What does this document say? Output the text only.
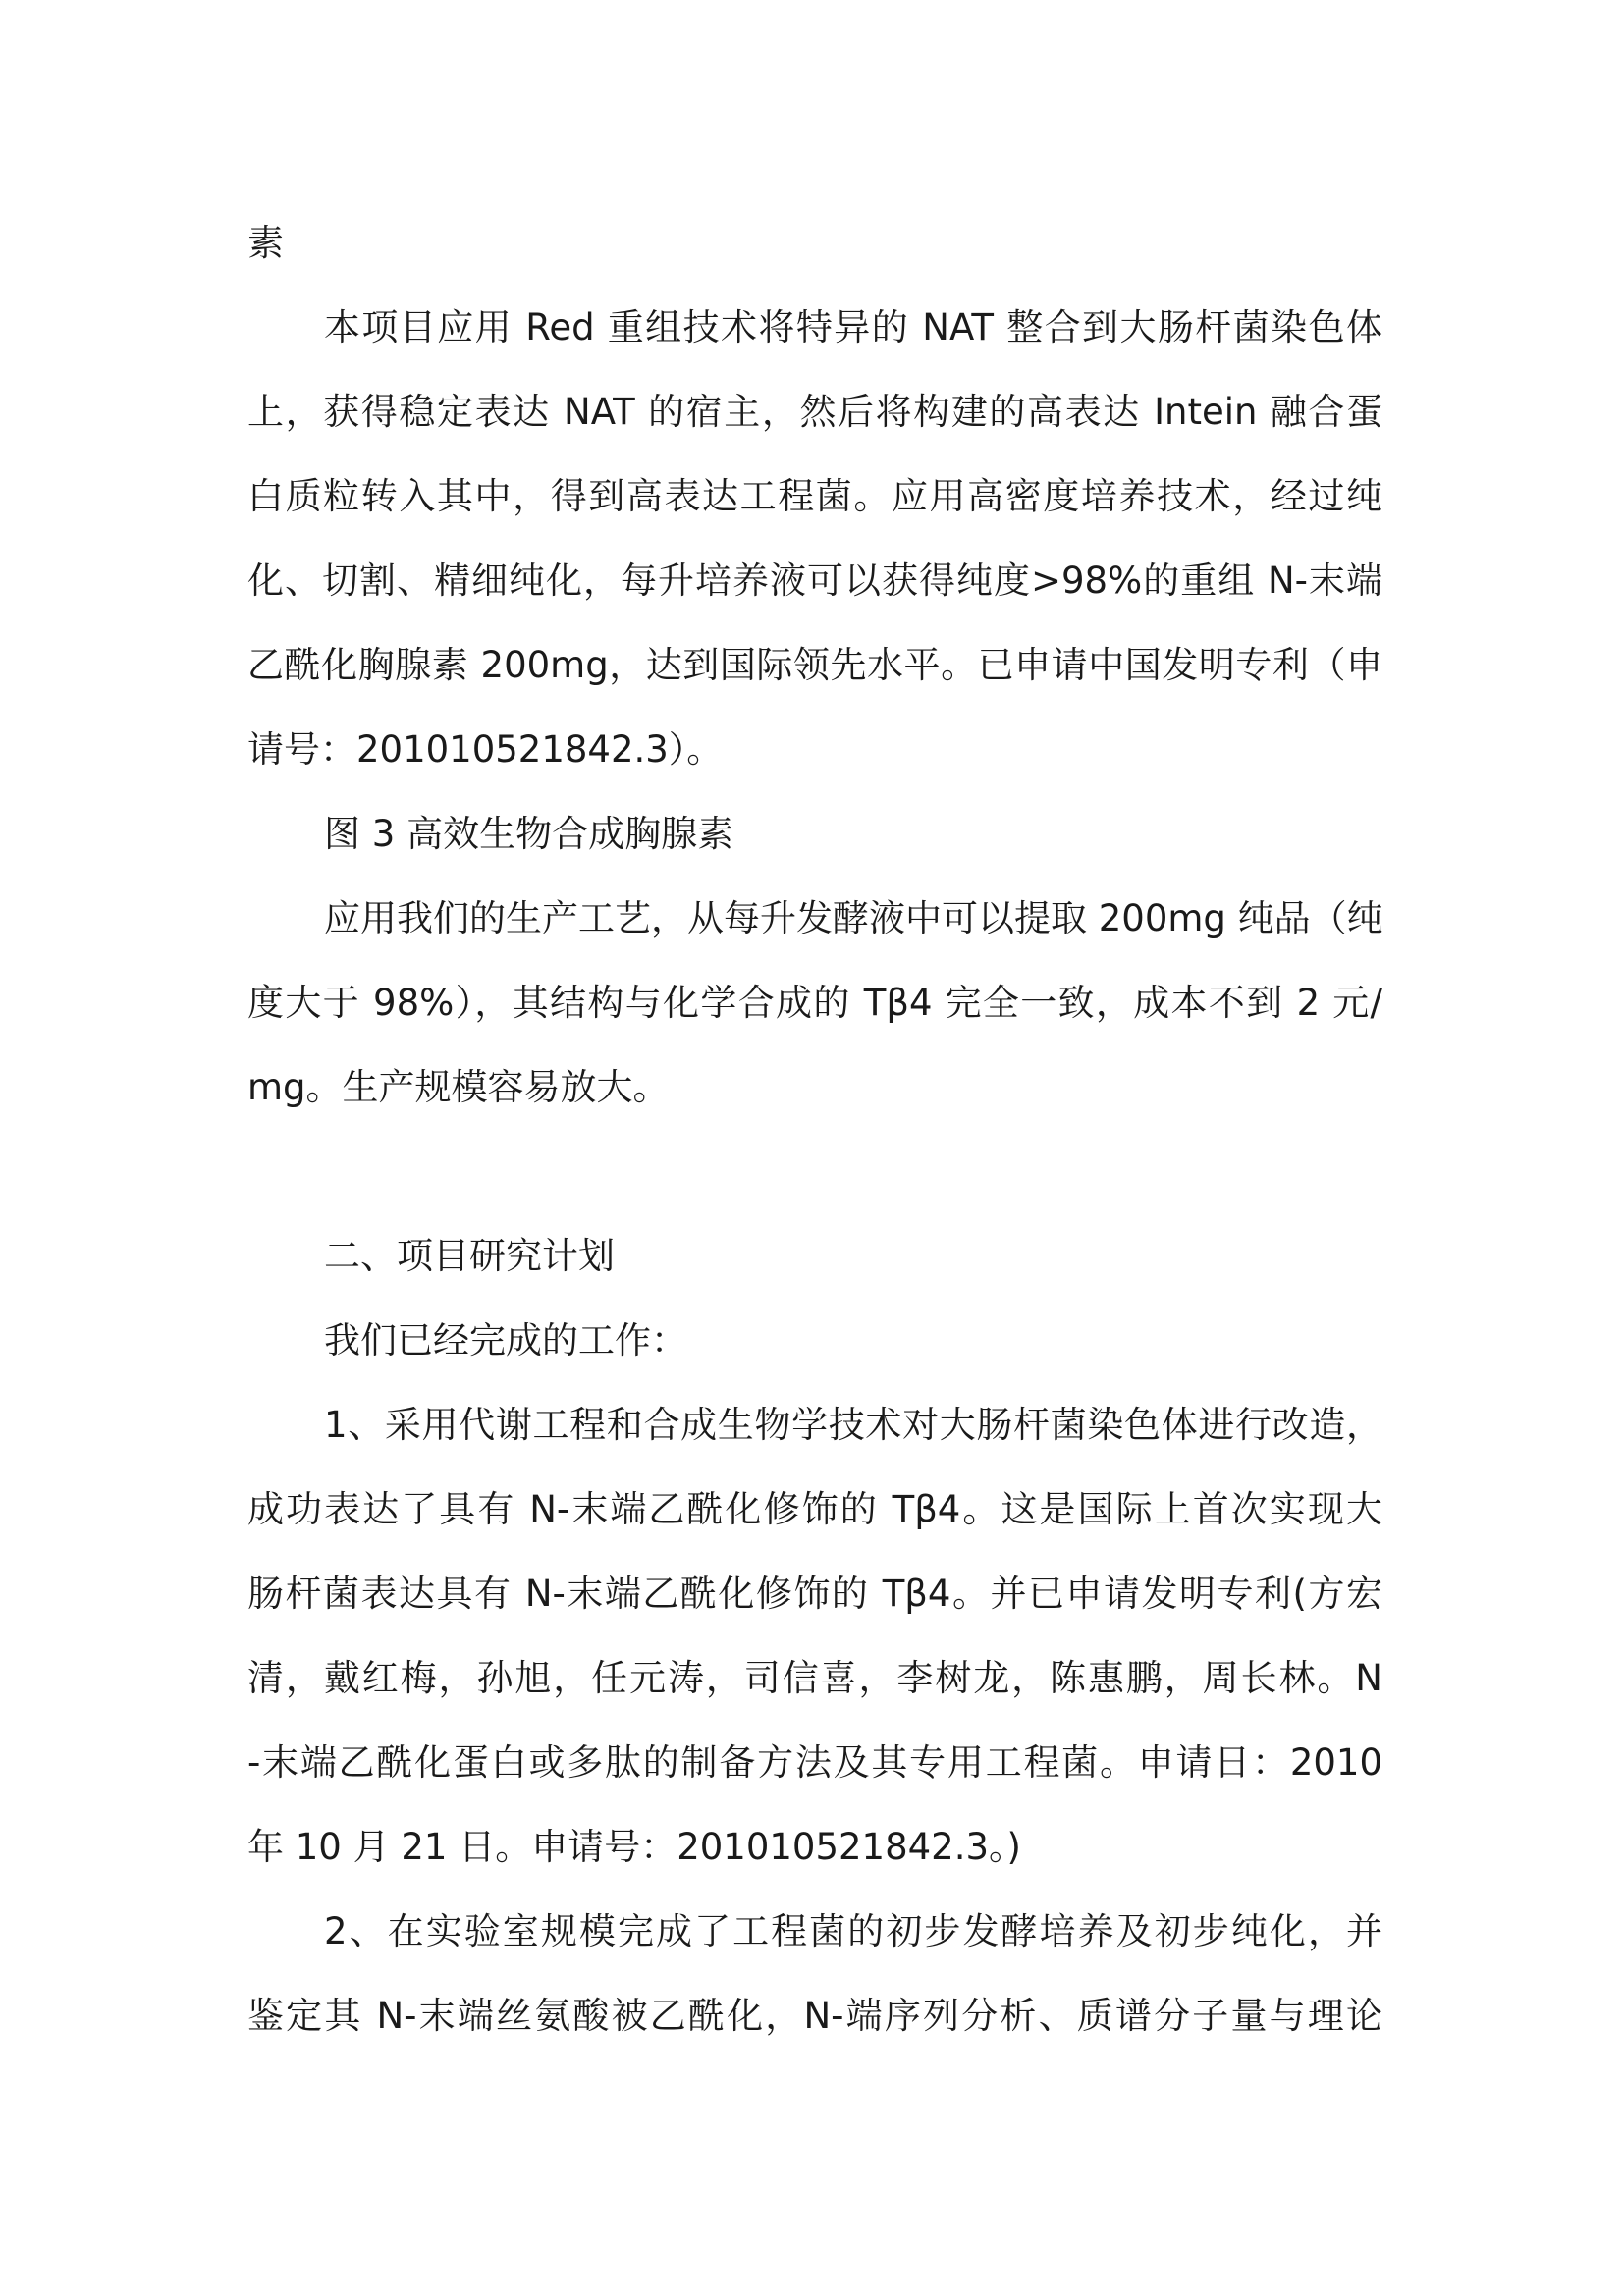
素
本项目应用 Red 重组技术将特异的 NAT 整合到大肠杆菌染色体
上，获得稳定表达 NAT 的宿主，然后将构建的高表达 Intein 融合蛋
白质粒转入其中，得到高表达工程菌。应用高密度培养技术，经过纯
化、切割、精细纯化，每升培养液可以获得纯度>98%的重组 N-末端
乙酰化胸腺素 200mg，达到国际领先水平。已申请中国发明专利（申
请号：201010521842.3）。
图 3 高效生物合成胸腺素
应用我们的生产工艺，从每升发酵液中可以提取 200mg 纯品（纯
度大于 98%），其结构与化学合成的 Tβ4 完全一致，成本不到 2 元/
mg。生产规模容易放大。
二、项目研究计划
我们已经完成的工作：
1、采用代谢工程和合成生物学技术对大肠杆菌染色体进行改造，
成功表达了具有 N-末端乙酰化修饰的 Tβ4。这是国际上首次实现大
肠杆菌表达具有 N-末端乙酰化修饰的 Tβ4。并已申请发明专利(方宏
清，戴红梅，孙旭，任元涛，司信喜，李树龙，陈惠鹏，周长林。N
-末端乙酰化蛋白或多肽的制备方法及其专用工程菌。申请日：2010
年 10 月 21 日。申请号：201010521842.3。)
2、在实验室规模完成了工程菌的初步发酵培养及初步纯化，并
鉴定其 N-末端丝氨酸被乙酰化，N-端序列分析、质谱分子量与理论
